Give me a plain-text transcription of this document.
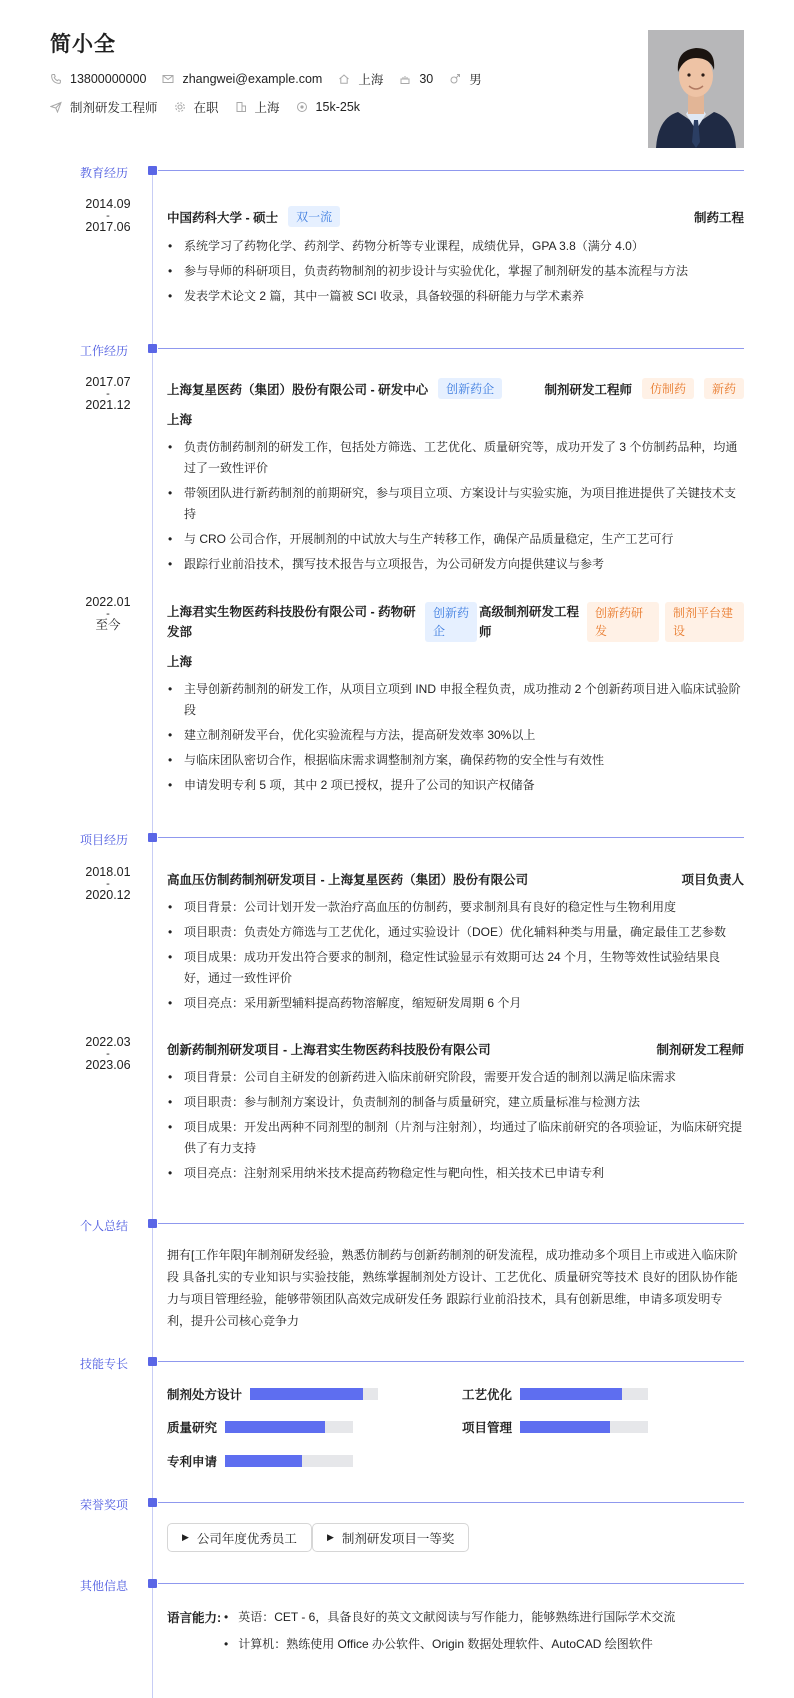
简小全
13800000000	zhangwei@example.com	上海	30	男
制剂研发工程师	在职	上海	15k-25k
教育经历
2014.09
-
2017.06
中国药科大学 - 硕士	双一流	制药工程
• 系统学习了药物化学、药剂学、药物分析等专业课程，成绩优异，GPA 3.8（满分 4.0）
• 参与导师的科研项目，负责药物制剂的初步设计与实验优化，掌握了制剂研发的基本流程与方法
• 发表学术论文 2 篇，其中一篇被 SCI 收录，具备较强的科研能力与学术素养
工作经历
2017.07
-
2021.12
上海复星医药（集团）股份有限公司 - 研发中心	创新药企	制剂研发工程师	仿制药	新药
上海
• 负责仿制药制剂的研发工作，包括处方筛选、工艺优化、质量研究等，成功开发了 3 个仿制药品种，均通过了一致性评价
• 带领团队进行新药制剂的前期研究，参与项目立项、方案设计与实验实施，为项目推进提供了关键技术支持
• 与 CRO 公司合作，开展制剂的中试放大与生产转移工作，确保产品质量稳定，生产工艺可行
• 跟踪行业前沿技术，撰写技术报告与立项报告，为公司研发方向提供建议与参考
2022.01
-
至今
上海君实生物医药科技股份有限公司 - 药物研
发部
创新药
企
高级制剂研发工程
师
创新药研
发
制剂平台建
设
上海
• 主导创新药制剂的研发工作，从项目立项到 IND 申报全程负责，成功推动 2 个创新药项目进入临床试验阶段
• 建立制剂研发平台，优化实验流程与方法，提高研发效率 30%以上
• 与临床团队密切合作，根据临床需求调整制剂方案，确保药物的安全性与有效性
• 申请发明专利 5 项，其中 2 项已授权，提升了公司的知识产权储备
项目经历
2018.01
-
2020.12
高血压仿制药制剂研发项目 - 上海复星医药（集团）股份有限公司	项目负责人
• 项目背景：公司计划开发一款治疗高血压的仿制药，要求制剂具有良好的稳定性与生物利用度
• 项目职责：负责处方筛选与工艺优化，通过实验设计（DOE）优化辅料种类与用量，确定最佳工艺参数
• 项目成果：成功开发出符合要求的制剂，稳定性试验显示有效期可达 24 个月，生物等效性试验结果良好，通过一致性评价
• 项目亮点：采用新型辅料提高药物溶解度，缩短研发周期 6 个月
2022.03
-
2023.06
创新药制剂研发项目 - 上海君实生物医药科技股份有限公司	制剂研发工程师
• 项目背景：公司自主研发的创新药进入临床前研究阶段，需要开发合适的制剂以满足临床需求
• 项目职责：参与制剂方案设计，负责制剂的制备与质量研究，建立质量标准与检测方法
• 项目成果：开发出两种不同剂型的制剂（片剂与注射剂），均通过了临床前研究的各项验证，为临床研究提供了有力支持
• 项目亮点：注射剂采用纳米技术提高药物稳定性与靶向性，相关技术已申请专利
个人总结
拥有[工作年限]年制剂研发经验，熟悉仿制药与创新药制剂的研发流程，成功推动多个项目上市或进入临床阶段 具备扎实的专业知识与实验技能，熟练掌握制剂处方设计、工艺优化、质量研究等技术 良好的团队协作能力与项目管理经验，能够带领团队高效完成研发任务 跟踪行业前沿技术，具有创新思维，申请多项发明专利，提升公司核心竞争力
技能专长
制剂处方设计	工艺优化
质量研究	项目管理
专利申请
荣誉奖项
▶ 公司年度优秀员工	▶ 制剂研发项目一等奖
其他信息
语言能力:
•	英语：CET - 6，具备良好的英文文献阅读与写作能力，能够熟练进行国际学术交流
• 计算机：熟练使用 Office 办公软件、Origin 数据处理软件、AutoCAD 绘图软件
